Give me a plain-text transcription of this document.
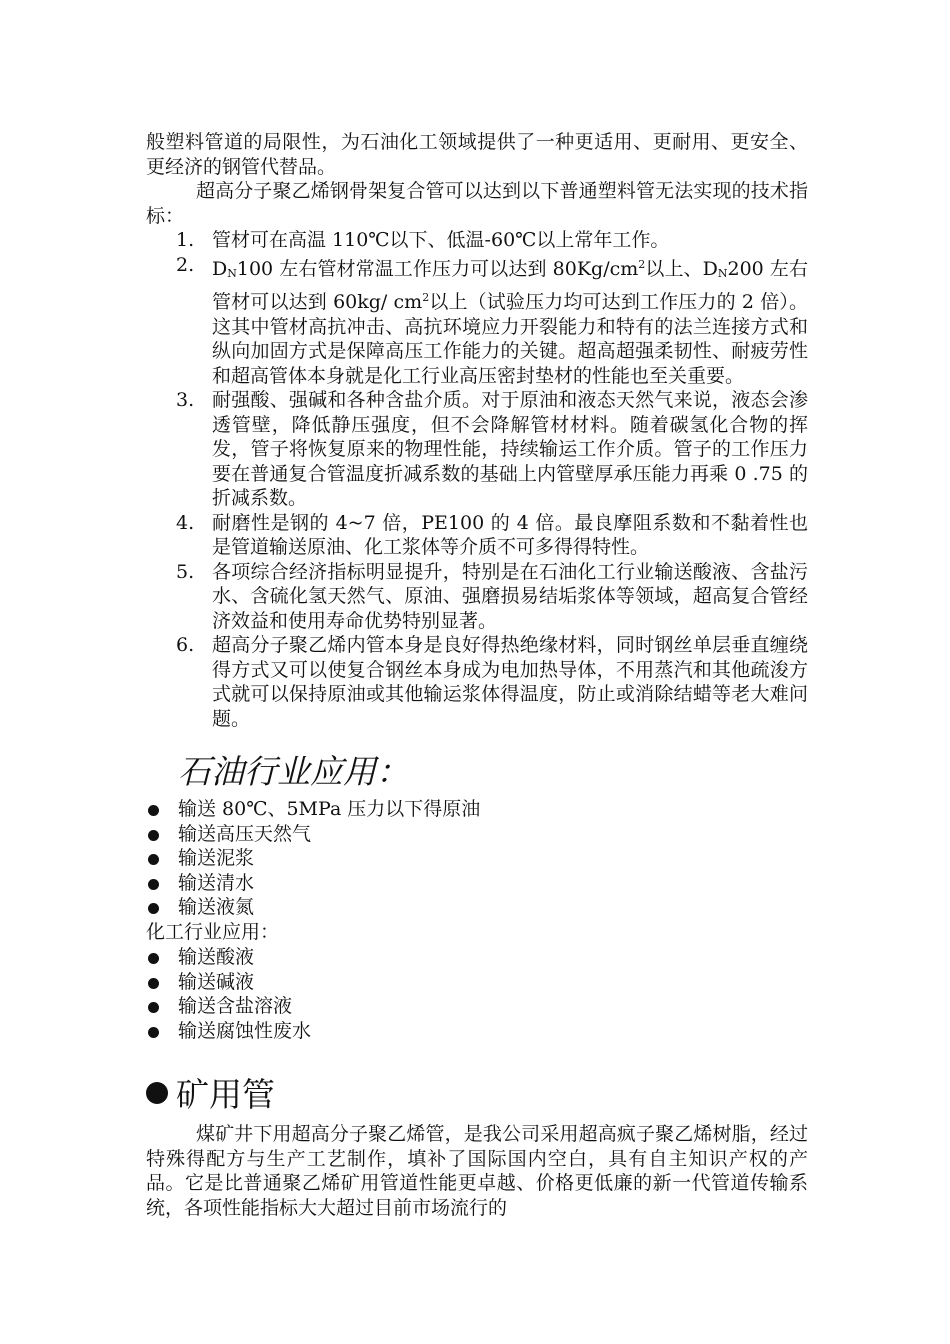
般塑料管道的局限性，为石油化工领域提供了一种更适用、更耐用、更安全、更经济的钢管代替品。

超高分子聚乙烯钢骨架复合管可以达到以下普通塑料管无法实现的技术指标：

1. 管材可在高温 110℃以下、低温-60℃以上常年工作。
2. DN100 左右管材常温工作压力可以达到 $80Kg/cm^2$以上、DN200 左右管材可以达到 60kg/ $cm^2$以上（试验压力均可达到工作压力的 2 倍）。这其中管材高抗冲击、高抗环境应力开裂能力和特有的法兰连接方式和纵向加固方式是保障高压工作能力的关键。超高超强柔韧性、耐疲劳性和超高管体本身就是化工行业高压密封垫材的性能也至关重要。
3. 耐强酸、强碱和各种含盐介质。对于原油和液态天然气来说，液态会渗透管壁，降低静压强度，但不会降解管材材料。随着碳氢化合物的挥发，管子将恢复原来的物理性能，持续输运工作介质。管子的工作压力要在普通复合管温度折减系数的基础上内管壁厚承压能力再乘 0 .75 的折减系数。
4. 耐磨性是钢的 4~7 倍，PE100 的 4 倍。最良摩阻系数和不黏着性也是管道输送原油、化工浆体等介质不可多得得特性。
5. 各项综合经济指标明显提升，特别是在石油化工行业输送酸液、含盐污水、含硫化氢天然气、原油、强磨损易结垢浆体等领域，超高复合管经济效益和使用寿命优势特别显著。
6. 超高分子聚乙烯内管本身是良好得热绝缘材料，同时钢丝单层垂直缠绕得方式又可以使复合钢丝本身成为电加热导体，不用蒸汽和其他疏浚方式就可以保持原油或其他输运浆体得温度，防止或消除结蜡等老大难问题。
石油行业应用：
输送 80℃、5MPa 压力以下得原油
输送高压天然气
输送泥浆
输送清水
输送液氮

化工行业应用：

输送酸液
输送碱液
输送含盐溶液
输送腐蚀性废水
矿用管

煤矿井下用超高分子聚乙烯管，是我公司采用超高疯子聚乙烯树脂，经过特殊得配方与生产工艺制作，填补了国际国内空白，具有自主知识产权的产品。它是比普通聚乙烯矿用管道性能更卓越、价格更低廉的新一代管道传输系统，各项性能指标大大超过目前市场流行的
